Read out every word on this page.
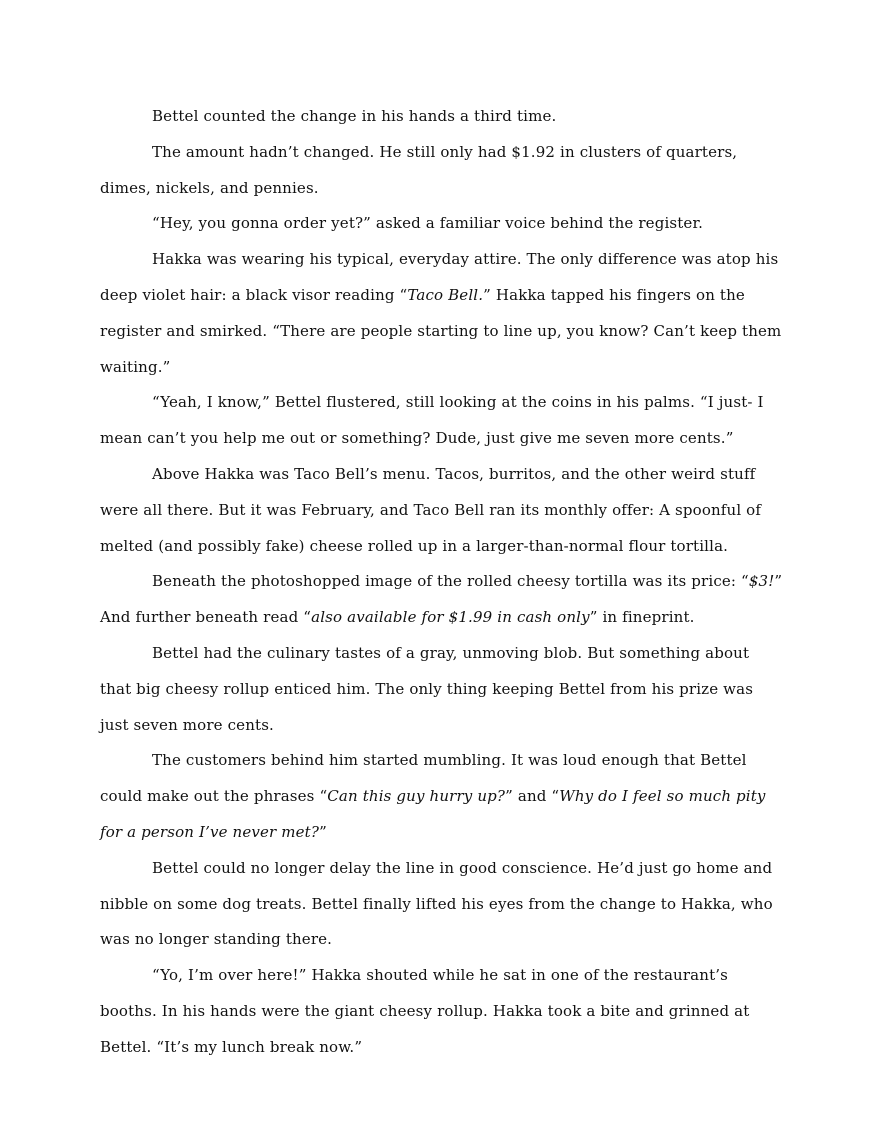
Bettel counted the change in his hands a third time.

The amount hadn’t changed. He still only had $1.92 in clusters of quarters, dimes, nickels, and pennies.

“Hey, you gonna order yet?” asked a familiar voice behind the register.

Hakka was wearing his typical, everyday attire. The only difference was atop his deep violet hair: a black visor reading “Taco Bell.” Hakka tapped his fingers on the register and smirked. “There are people starting to line up, you know? Can’t keep them waiting.”

“Yeah, I know,” Bettel flustered, still looking at the coins in his palms. “I just- I mean can’t you help me out or something? Dude, just give me seven more cents.”

Above Hakka was Taco Bell’s menu. Tacos, burritos, and the other weird stuff were all there. But it was February, and Taco Bell ran its monthly offer: A spoonful of melted (and possibly fake) cheese rolled up in a larger-than-normal flour tortilla.

Beneath the photoshopped image of the rolled cheesy tortilla was its price: “$3!” And further beneath read “also available for $1.99 in cash only” in fineprint.

Bettel had the culinary tastes of a gray, unmoving blob. But something about that big cheesy rollup enticed him. The only thing keeping Bettel from his prize was just seven more cents.

The customers behind him started mumbling. It was loud enough that Bettel could make out the phrases “Can this guy hurry up?” and “Why do I feel so much pity for a person I’ve never met?”

Bettel could no longer delay the line in good conscience. He’d just go home and nibble on some dog treats. Bettel finally lifted his eyes from the change to Hakka, who was no longer standing there.

“Yo, I’m over here!” Hakka shouted while he sat in one of the restaurant’s booths. In his hands were the giant cheesy rollup. Hakka took a bite and grinned at Bettel. “It’s my lunch break now.”
